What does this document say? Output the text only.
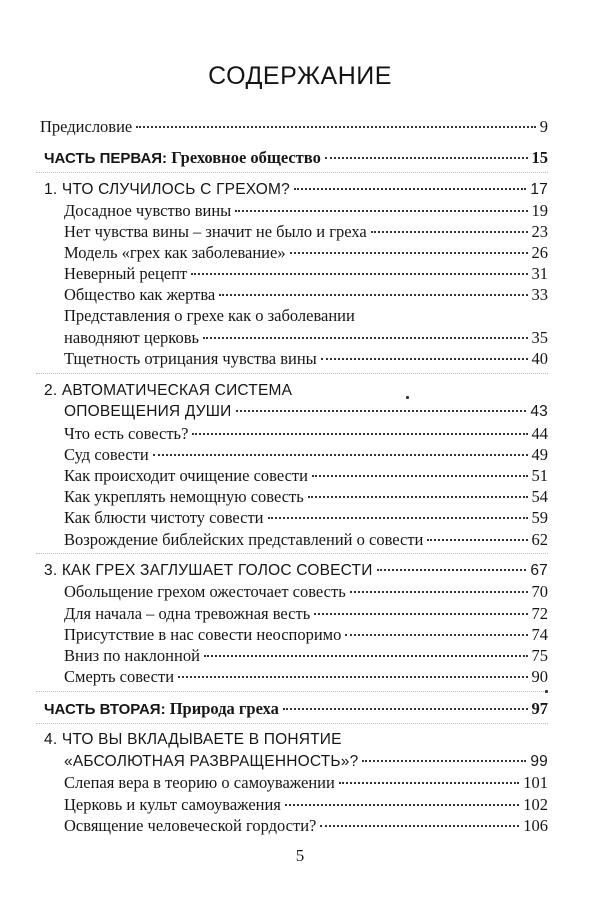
СОДЕРЖАНИЕ
Предисловие	9
ЧАСТЬ ПЕРВАЯ: Греховное общество	15
1. ЧТО СЛУЧИЛОСЬ С ГРЕХОМ?	17
Досадное чувство вины	19
Нет чувства вины – значит не было и греха	23
Модель «грех как заболевание»	26
Неверный рецепт	31
Общество как жертва	33
Представления о грехе как о заболевании
наводняют церковь	35
Тщетность отрицания чувства вины	40
2. АВТОМАТИЧЕСКАЯ СИСТЕМА
ОПОВЕЩЕНИЯ ДУШИ	43
Что есть совесть?	44
Суд совести	49
Как происходит очищение совести	51
Как укреплять немощную совесть	54
Как блюсти чистоту совести	59
Возрождение библейских представлений о совести	62
3. КАК ГРЕХ ЗАГЛУШАЕТ ГОЛОС СОВЕСТИ	67
Обольщение грехом ожесточает совесть	70
Для начала – одна тревожная весть	72
Присутствие в нас совести неоспоримо	74
Вниз по наклонной	75
Смерть совести	90
ЧАСТЬ ВТОРАЯ: Природа греха	97
4. ЧТО ВЫ ВКЛАДЫВАЕТЕ В ПОНЯТИЕ
«АБСОЛЮТНАЯ РАЗВРАЩЕННОСТЬ»?	99
Слепая вера в теорию о самоуважении	101
Церковь и культ самоуважения	102
Освящение человеческой гордости?	106
5
